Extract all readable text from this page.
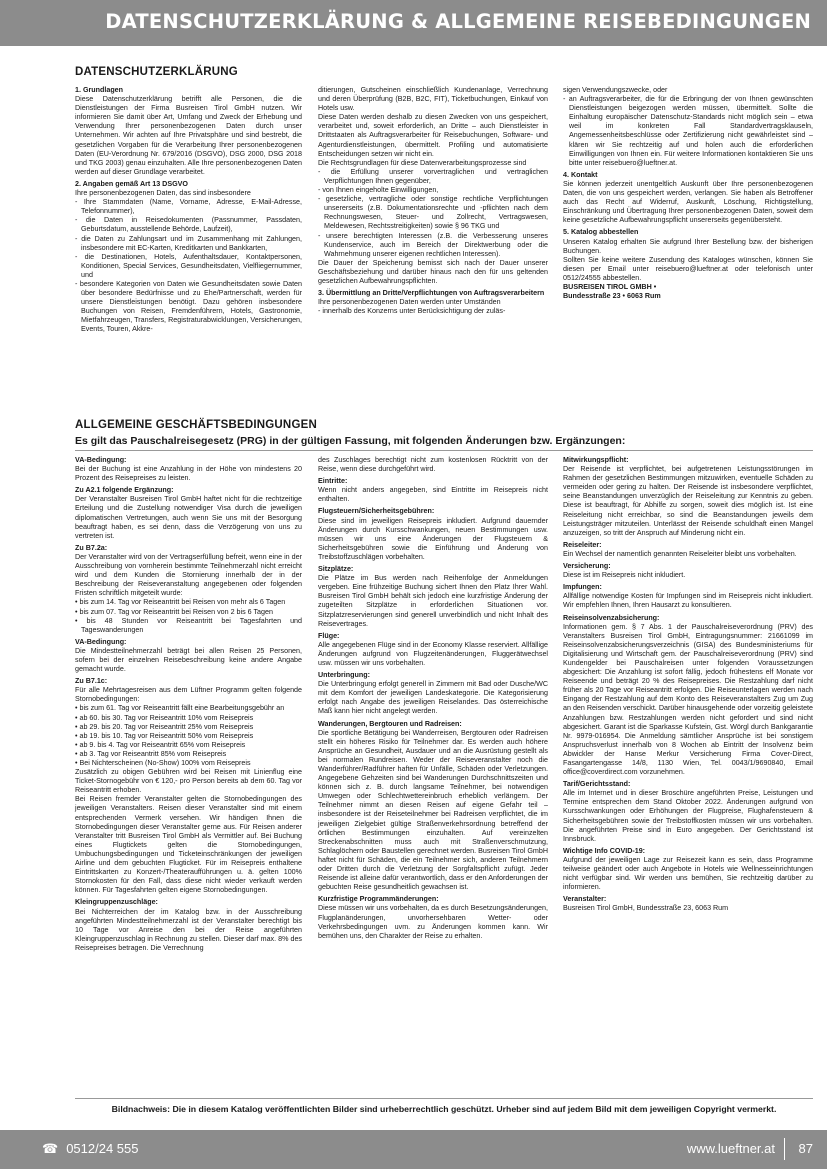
DATENSCHUTZERKLÄRUNG & ALLGEMEINE REISEBEDINGUNGEN
DATENSCHUTZERKLÄRUNG

1. Grundlagen

Diese Datenschutzerklärung betrifft alle Personen, die die Dienstleistungen der Firma Busreisen Tirol GmbH nutzen. Wir informieren Sie damit über Art, Umfang und Zweck der Erhebung und Verwendung Ihrer personenbezogenen Daten durch unser Unternehmen. Wir achten auf Ihre Privatsphäre und sind bestrebt, die gesetzlichen Vorgaben für die Verarbeitung Ihrer personenbezogenen Daten (EU-Verordnung Nr. 679/2016 (DSGVO), DSG 2000, DSG 2018 und TKG 2003) genau einzuhalten. Alle Ihre personenbezogenen Daten werden auf dieser Grundlage verarbeitet.

2. Angaben gemäß Art 13 DSGVO

Ihre personenbezogenen Daten, das sind insbesondere

- Ihre Stammdaten (Name, Vorname, Adresse, E-Mail-Adresse, Telefonnummer),
- die Daten in Reisedokumenten (Passnummer, Passdaten, Geburtsdatum, ausstellende Behörde, Laufzeit),
- die Daten zu Zahlungsart und im Zusammenhang mit Zahlungen, insbesondere mit EC-Karten, Kreditkarten und Bankkarten,
- die Destinationen, Hotels, Aufenthaltsdauer, Kontaktpersonen, Konditionen, Special Services, Gesundheitsdaten, Vielfliegernummer, und
- besondere Kategorien von Daten wie Gesundheitsdaten sowie Daten über besondere Bedürfnisse und zu Ehe/Partnerschaft, werden für unsere Dienstleistungen benötigt. Dazu gehören insbesondere Buchungen von Reisen, Fremdenführern, Hotels, Gastronomie, Mietfahrzeugen, Transfers, Registraturabwicklungen, Versicherungen, Events, Touren, Akkre-

ditierungen, Gutscheinen einschließlich Kundenanlage, Verrechnung und deren Überprüfung (B2B, B2C, FIT), Ticketbuchungen, Einkauf von Hotels usw.

Diese Daten werden deshalb zu diesen Zwecken von uns gespeichert, verarbeitet und, soweit erforderlich, an Dritte – auch Dienstleister in Drittstaaten als Auftragsverarbeiter für Reisebuchungen, Software- und Agenturdienstleistungen, übermittelt. Profiling und automatisierte Entscheidungen setzen wir nicht ein.

Die Rechtsgrundlagen für diese Datenverarbeitungsprozesse sind

- die Erfüllung unserer vorvertraglichen und vertraglichen Verpflichtungen Ihnen gegenüber,
- von Ihnen eingeholte Einwilligungen,
- gesetzliche, vertragliche oder sonstige rechtliche Verpflichtungen unsererseits (z.B. Dokumentationsrechte und -pflichten nach dem Rechnungswesen, Steuer- und Zollrecht, Vertragswesen, Meldewesen, Rechtsstreitigkeiten) sowie § 96 TKG und
- unsere berechtigten Interessen (z.B. die Verbesserung unseres Kundenservice, auch im Bereich der Direktwerbung oder die Wahrnehmung unserer eigenen rechtlichen Interessen).

Die Dauer der Speicherung bemisst sich nach der Dauer unserer Geschäftsbeziehung und darüber hinaus nach den für uns geltenden gesetzlichen Aufbewahrungspflichten.

3. Übermittlung an Dritte/Verpflichtungen von Auftragsverarbeitern

Ihre personenbezogenen Daten werden unter Umständen

- innerhalb des Konzerns unter Berücksichtigung der zuläs-

sigen Verwendungszwecke, oder

- an Auftragsverarbeiter, die für die Erbringung der von Ihnen gewünschten Dienstleistungen beigezogen werden müssen, übermittelt. Sollte die Einhaltung europäischer Datenschutz-Standards nicht möglich sein – etwa weil im konkreten Fall Standardvertragsklauseln, Angemessenheitsbeschlüsse oder Zertifizierung nicht gewährleistet sind – klären wir Sie rechtzeitig auf und holen auch die erforderlichen Einwilligungen von Ihnen ein. Für weitere Informationen kontaktieren Sie uns bitte unter reisebuero@lueftner.at.

4. Kontakt

Sie können jederzeit unentgeltlich Auskunft über Ihre personenbezogenen Daten, die von uns gespeichert werden, verlangen. Sie haben als Betroffener auch das Recht auf Widerruf, Auskunft, Löschung, Richtigstellung, Einschränkung und Übertragung Ihrer personenbezogenen Daten, soweit dem keine gesetzliche Aufbewahrungspflicht unsererseits gegenübersteht.

5. Katalog abbestellen

Unseren Katalog erhalten Sie aufgrund Ihrer Bestellung bzw. der bisherigen Buchungen.

Sollten Sie keine weitere Zusendung des Kataloges wünschen, können Sie diesen per Email unter reisebuero@lueftner.at oder telefonisch unter 0512/24555 abbestellen.

BUSREISEN TIROL GMBH •

Bundesstraße 23 • 6063 Rum

ALLGEMEINE GESCHÄFTSBEDINGUNGEN
Es gilt das Pauschalreisegesetz (PRG) in der gültigen Fassung, mit folgenden Änderungen bzw. Ergänzungen:

VA-Bedingung:

Bei der Buchung ist eine Anzahlung in der Höhe von mindestens 20 Prozent des Reisepreises zu leisten.

Zu A2.1 folgende Ergänzung:

Der Veranstalter Busreisen Tirol GmbH haftet nicht für die rechtzeitige Erteilung und die Zustellung notwendiger Visa durch die jeweiligen diplomatischen Vertretungen, auch wenn Sie uns mit der Besorgung beauftragt haben, es sei denn, dass die Verzögerung von uns zu vertreten ist.

Zu B7.2a:

Der Veranstalter wird von der Vertragserfüllung befreit, wenn eine in der Ausschreibung von vornherein bestimmte Teilnehmerzahl nicht erreicht wird und dem Kunden die Stornierung innerhalb der in der Beschreibung der Reiseveranstaltung angegebenen oder folgenden Fristen schriftlich mitgeteilt wurde:

• bis zum 14. Tag vor Reiseantritt bei Reisen von mehr als 6 Tagen
• bis zum 07. Tag vor Reiseantritt bei Reisen von 2 bis 6 Tagen
• bis 48 Stunden vor Reiseantritt bei Tagesfahrten und Tageswanderungen

VA-Bedingung:

Die Mindestteilnehmerzahl beträgt bei allen Reisen 25 Personen, sofern bei der einzelnen Reisebeschreibung keine andere Angabe gemacht wurde.

Zu B7.1c:

Für alle Mehrtagesreisen aus dem Lüftner Programm gelten folgende Stornobedingungen:

• bis zum 61. Tag vor Reiseantritt fällt eine Bearbeitungsgebühr an
• ab 60. bis 30. Tag vor Reiseantritt 10% vom Reisepreis
• ab 29. bis 20. Tag vor Reiseantritt 25% vom Reisepreis
• ab 19. bis 10. Tag vor Reiseantritt 50% vom Reisepreis
• ab 9. bis 4. Tag vor Reiseantritt 65% vom Reisepreis
• ab 3. Tag vor Reiseantritt 85% vom Reisepreis
• Bei Nichterscheinen (No-Show) 100% vom Reisepreis

Zusätzlich zu obigen Gebühren wird bei Reisen mit Linienflug eine Ticket-Stornogebühr von € 120,- pro Person bereits ab dem 60. Tag vor Reiseantritt erhoben.

Bei Reisen fremder Veranstalter gelten die Stornobedingungen des jeweiligen Veranstalters. Reisen dieser Veranstalter sind mit einem entsprechenden Vermerk versehen. Wir händigen Ihnen die Stornobedingungen dieser Veranstalter gerne aus. Für Reisen anderer Veranstalter tritt Busreisen Tirol GmbH als Vermittler auf. Bei Buchung eines Flugtickets gelten die Stornobedingungen, Umbuchungsbedingungen und Ticketeinschränkungen der jeweiligen Airline und dem gebuchten Flugticket. Für im Reisepreis enthaltene Eintrittskarten zu Konzert-/Theateraufführungen u. ä. gelten 100% Stornokosten für den Fall, dass diese nicht wieder verkauft werden können. Für Tagesfahrten gelten eigene Stornobedingungen.

Kleingruppenzuschläge:

Bei Nichterreichen der im Katalog bzw. in der Ausschreibung angeführten Mindestteilnehmerzahl ist der Veranstalter berechtigt bis 10 Tage vor Anreise den bei der Reise angeführten Kleingruppenzuschlag in Rechnung zu stellen. Dieser darf max. 8% des Reisepreises betragen. Die Verrechnung

des Zuschlages berechtigt nicht zum kostenlosen Rücktritt von der Reise, wenn diese durchgeführt wird.

Eintritte:

Wenn nicht anders angegeben, sind Eintritte im Reisepreis nicht enthalten.

Flugsteuern/Sicherheitsgebühren:

Diese sind im jeweiligen Reisepreis inkludiert. Aufgrund dauernder Änderungen durch Kursschwankungen, neuen Bestimmungen usw. müssen wir uns eine Änderungen der Flugsteuern & Sicherheitsgebühren sowie die Einführung und Änderung von Treibstoffzuschlägen vorbehalten.

Sitzplätze:

Die Plätze im Bus werden nach Reihenfolge der Anmeldungen vergeben. Eine frühzeitige Buchung sichert Ihnen den Platz Ihrer Wahl. Busreisen Tirol GmbH behält sich jedoch eine kurzfristige Änderung der zugeteilten Sitzplätze in erforderlichen Situationen vor. Sitzplatzreservierungen sind generell unverbindlich und nicht Inhalt des Reisevertrages.

Flüge:

Alle angegebenen Flüge sind in der Economy Klasse reserviert. Allfällige Änderungen aufgrund von Flugzeitenänderungen, Fluggerätwechsel usw. müssen wir uns vorbehalten.

Unterbringung:

Die Unterbringung erfolgt generell in Zimmern mit Bad oder Dusche/WC mit dem Komfort der jeweiligen Landeskategorie. Die Kategorisierung erfolgt nach Angabe des jeweiligen Reiselandes. Das österreichische Maß kann hier nicht angelegt werden.

Wanderungen, Bergtouren und Radreisen:

Die sportliche Betätigung bei Wanderreisen, Bergtouren oder Radreisen stellt ein höheres Risiko für Teilnehmer dar. Es werden auch höhere Ansprüche an Gesundheit, Ausdauer und an die Ausrüstung gestellt als bei normalen Rundreisen. Weder der Reiseveranstalter noch die Wanderführer/Radführer haften für Unfälle, Schäden oder Verletzungen. Angegebene Gehzeiten sind bei Wanderungen Durchschnittszeiten und können sich z. B. durch langsame Teilnehmer, bei notwendigen Umwegen oder Schlechtwettereinbruch erheblich verlängern. Der Teilnehmer nimmt an diesen Reisen auf eigene Gefahr teil – insbesondere ist der Reiseteilnehmer bei Radreisen verpflichtet, die im jeweiligen Zielgebiet gültige Straßenverkehrsordnung betreffend der örtlichen Bestimmungen einzuhalten. Auf vereinzelten Streckenabschnitten muss auch mit Straßenverschmutzung, Schlaglöchern oder Baustellen gerechnet werden. Busreisen Tirol GmbH haftet nicht für Schäden, die ein Teilnehmer sich, anderen Teilnehmern oder Dritten durch die Verletzung der Sorgfaltspflicht zufügt. Jeder Reisende ist alleine dafür verantwortlich, dass er den Anforderungen der gebuchten Reise gesundheitlich gewachsen ist.

Kurzfristige Programmänderungen:

Diese müssen wir uns vorbehalten, da es durch Besetzungsänderungen, Flugplanänderungen, unvorhersehbaren Wetter- oder Verkehrsbedingungen uvm. zu Änderungen kommen kann. Wir bemühen uns, den Charakter der Reise zu erhalten.

Mitwirkungspflicht:

Der Reisende ist verpflichtet, bei aufgetretenen Leistungsstörungen im Rahmen der gesetzlichen Bestimmungen mitzuwirken, eventuelle Schäden zu vermeiden oder gering zu halten. Der Reisende ist insbesondere verpflichtet, seine Beanstandungen unverzüglich der Reiseleitung zur Kenntnis zu geben. Diese ist beauftragt, für Abhilfe zu sorgen, soweit dies möglich ist. Ist eine Reiseleitung nicht erreichbar, so sind die Beanstandungen jeweils dem Leistungsträger mitzuteilen. Unterlässt der Reisende schuldhaft einen Mangel anzuzeigen, so tritt der Anspruch auf Minderung nicht ein.

Reiseleiter:

Ein Wechsel der namentlich genannten Reiseleiter bleibt uns vorbehalten.

Versicherung:

Diese ist im Reisepreis nicht inkludiert.

Impfungen:

Allfällige notwendige Kosten für Impfungen sind im Reisepreis nicht inkludiert. Wir empfehlen Ihnen, Ihren Hausarzt zu konsultieren.

Reiseinsolvenzabsicherung:

Informationen gem. § 7 Abs. 1 der Pauschalreiseverordnung (PRV) des Veranstalters Busreisen Tirol GmbH, Eintragungsnummer: 21661099 im Reiseinsolvenzabsicherungsverzeichnis (GISA) des Bundesministeriums für Digitalisierung und Wirtschaft gem. der Pauschalreiseverordnung (PRV) sind Kundengelder bei Pauschalreisen unter folgenden Voraussetzungen abgesichert: Die Anzahlung ist sofort fällig, jedoch frühestens elf Monate vor Reiseende und beträgt 20 % des Reisepreises. Die Restzahlung darf nicht früher als 20 Tage vor Reiseantritt erfolgen. Die Reiseunterlagen werden nach Eingang der Restzahlung auf dem Konto des Reiseveranstalters Zug um Zug an den Reisenden verschickt. Darüber hinausgehende oder vorzeitig geleistete Anzahlungen bzw. Restzahlungen werden nicht gefordert und sind nicht abgesichert. Garant ist die Sparkasse Kufstein, Gst. Wörgl durch Bankgarantie Nr. 9979-016954. Die Anmeldung sämtlicher Ansprüche ist bei sonstigem Anspruchsverlust innerhalb von 8 Wochen ab Eintritt der Insolvenz beim Abwickler der Hanse Merkur Versicherung Firma Cover-Direct, Fasangartengasse 14/8, 1130 Wien, Tel. 0043/1/9690840, Email office@coverdirect.com vorzunehmen.

Tarif/Gerichtsstand:

Alle im Internet und in dieser Broschüre angeführten Preise, Leistungen und Termine entsprechen dem Stand Oktober 2022. Änderungen aufgrund von Kursschwankungen oder Erhöhungen der Flugpreise, Flughafensteuern & Sicherheitsgebühren sowie der Treibstoffkosten müssen wir uns vorbehalten. Die angeführten Preise sind in Euro angegeben. Der Gerichtsstand ist Innsbruck.

Wichtige Info COVID-19:

Aufgrund der jeweiligen Lage zur Reisezeit kann es sein, dass Programme teilweise geändert oder auch Angebote in Hotels wie Wellnesseinrichtungen nicht verfügbar sind. Wir werden uns bemühen, Sie rechtzeitig darüber zu informieren.

Veranstalter:

Busreisen Tirol GmbH, Bundesstraße 23, 6063 Rum

Bildnachweis: Die in diesem Katalog veröffentlichten Bilder sind urheberrechtlich geschützt. Urheber sind auf jedem Bild mit dem jeweiligen Copyright vermerkt.
☎ 0512/24 555	www.lueftner.at 87
